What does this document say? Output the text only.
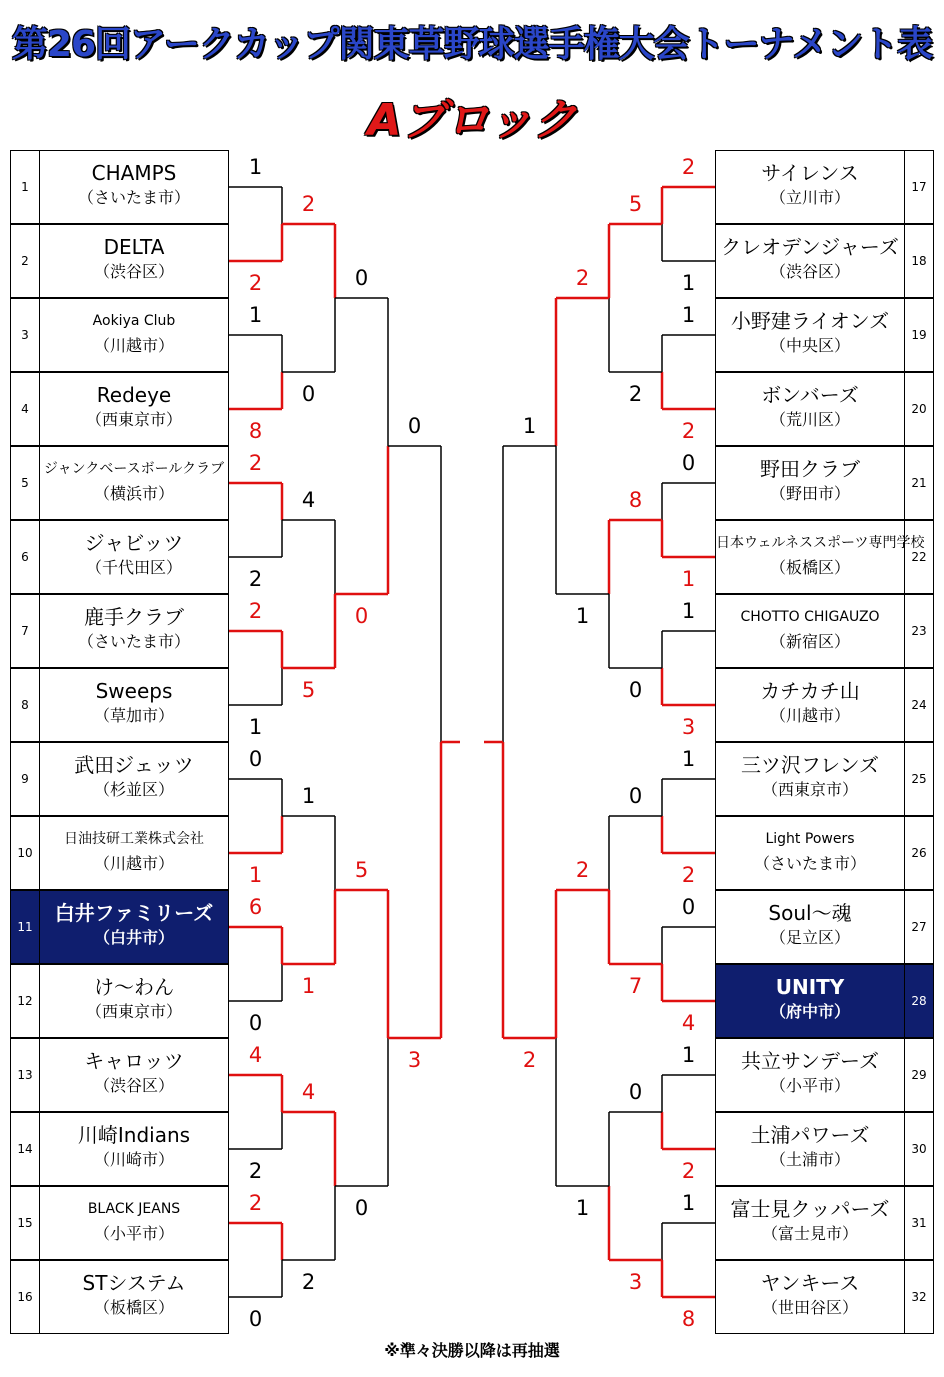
第26回アークカップ関東草野球選手権大会トーナメント表
Aブロック
1
CHAMPS
（さいたま市）
2
DELTA
（渋谷区）
3
Aokiya Club
（川越市）
4
Redeye
（西東京市）
5
ジャンクベースボールクラブ
（横浜市）
6
ジャビッツ
（千代田区）
7
鹿手クラブ
（さいたま市）
8
Sweeps
（草加市）
9
武田ジェッツ
（杉並区）
10
日油技研工業株式会社
（川越市）
11
白井ファミリーズ
（白井市）
12
け～わん
（西東京市）
13
キャロッツ
（渋谷区）
14
川崎Indians
（川崎市）
15
BLACK JEANS
（小平市）
16
STシステム
（板橋区）
17
サイレンス
（立川市）
18
クレオデンジャーズ
（渋谷区）
19
小野建ライオンズ
（中央区）
20
ボンバーズ
（荒川区）
21
野田クラブ
（野田市）
22
日本ウェルネススポーツ専門学校
（板橋区）
23
CHOTTO CHIGAUZO
（新宿区）
24
カチカチ山
（川越市）
25
三ツ沢フレンズ
（西東京市）
26
Light Powers
（さいたま市）
27
Soul～魂
（足立区）
28
UNITY
（府中市）
29
共立サンデーズ
（小平市）
30
土浦パワーズ
（土浦市）
31
富士見クッパーズ
（富士見市）
32
ヤンキース
（世田谷区）
1
2
1
8
2
2
2
1
0
1
6
0
4
2
2
0
2
0
4
5
1
1
4
2
0
0
5
0
0
3
2
1
1
2
0
1
1
3
1
2
0
4
1
2
1
8
5
2
8
0
0
7
0
3
2
1
2
1
1
2
※準々決勝以降は再抽選
